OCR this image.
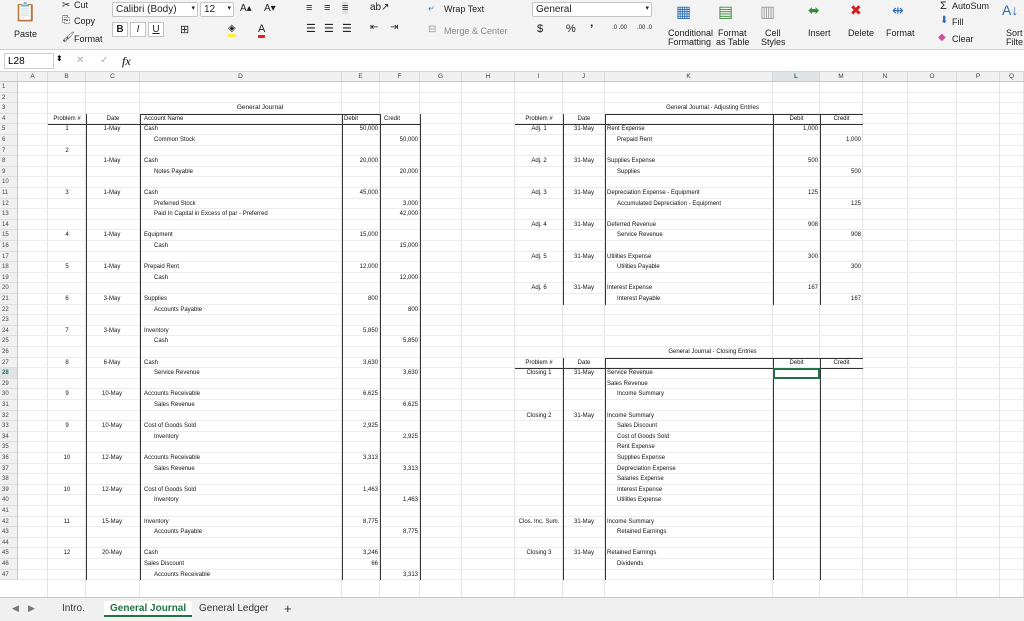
✂ Cut
⎘ Copy
🖌 Format
📋
Paste
Calibri (Body) ▾ 12 ▾ A▴ A▾
B	I	U	⊞	◈ A
≡ ≡ ≡ ab↗
☰ ☰ ☰ ⇤ ⇥
⤶ Wrap Text
⊟ Merge & Center
General	▾
$ % ’	.0 .00	.00 .0
▦
Conditional
Formatting
▤
Format
as Table
▥
Cell
Styles
⬌
Insert
✖
Delete
⇹
Format
Σ AutoSum
⬇ Fill
◆ Clear
A↓
Sort
Filte
L28	⬍ ✕ ✓ fx
A	B	C	D	E	F	G	H	I	J	K	L	M	N	O	P	Q
1
2
3
4
5
6
7
8
9
10
11
12
13
14
15
16
17
18
19
20
21
22
23
24
25
26
27
28
29
30
31
32
33
34
35
36
37
38
39
40
41
42
43
44
45
46
47
General Journal
Problem #	Date	Account Name	Debit	Credit
1	1-May	Cash	50,000
Common Stock	50,000
2
1-May	Cash	20,000
Notes Payable	20,000
3	1-May	Cash	45,000
Preferred Stock	3,000
Paid In Capital in Excess of par - Preferred	42,000
4	1-May	Equipment	15,000
Cash	15,000
5	1-May	Prepaid Rent	12,000
Cash	12,000
6	3-May	Supplies	800
Accounts Payable	800
7	3-May	Inventory	5,850
Cash	5,850
8	6-May	Cash	3,630
Service Revenue	3,630
9	10-May	Accounts Receivable	6,625
Sales Revenue	6,625
9	10-May	Cost of Goods Sold	2,925
Inventory	2,925
10	12-May	Accounts Receivable	3,313
Sales Revenue	3,313
10	12-May	Cost of Goods Sold	1,463
Inventory	1,463
11	15-May	Inventory	8,775
Accounts Payable	8,775
12	20-May	Cash	3,246
Sales Discount	66
Accounts Receivable	3,313
General Journal - Adjusting Entries
Problem #	Date	Debit	Credit
Adj. 1	31-May	Rent Expense	1,000
Prepaid Rent	1,000
Adj. 2	31-May	Supplies Expense	500
Supplies	500
Adj. 3	31-May	Depreciation Expense - Equipment	125
Accumulated Depreciation - Equipment	125
Adj. 4	31-May	Deferred Revenue	908
Service Revenue	908
Adj. 5	31-May	Utilities Expense	300
Utilities Payable	300
Adj. 6	31-May	Interest Expense	167
Interest Payable	167
General Journal - Closing Entries
Problem #	Date	Debit	Credit
Closing 1	31-May	Service Revenue
Sales Revenue
Income Summary
Closing 2	31-May	Income Summary
Sales Discount
Cost of Goods Sold
Rent Expense
Supplies Expense
Depreciation Expense
Salaries Expense
Interest Expense
Utilities Expense
Clos. Inc. Sum.	31-May	Income Summary
Retained Earnings
Closing 3	31-May	Retained Earnings
Dividends
◀ ▶	Intro.	General Journal	General Ledger	+
